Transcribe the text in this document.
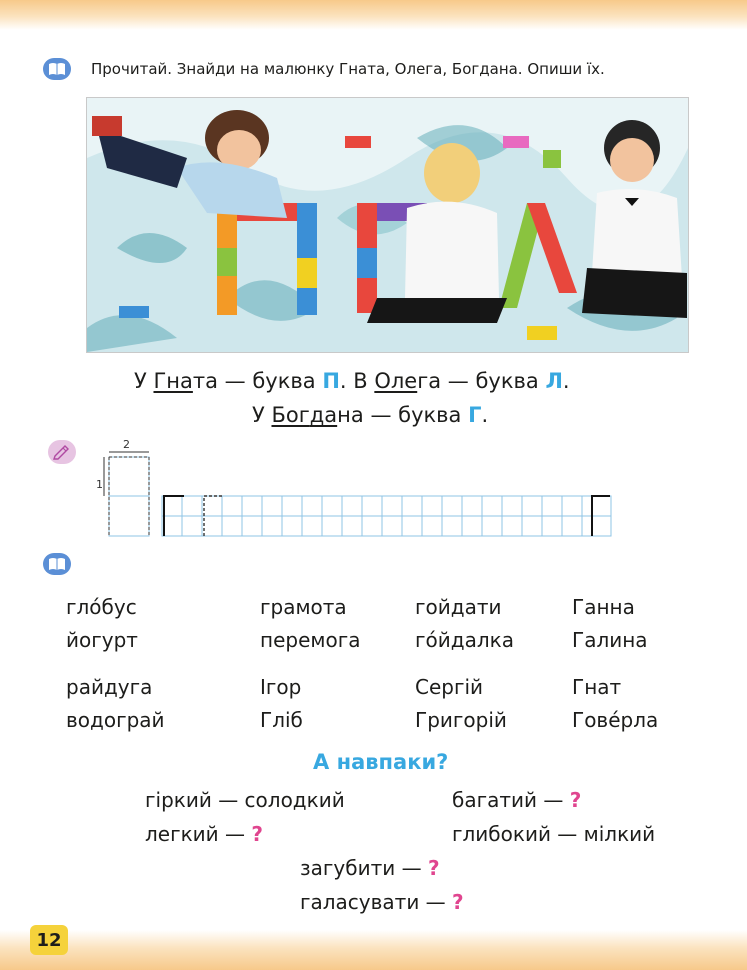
Прочитай. Знайди на малюнку Гната, Олега, Богдана. Опиши їх.
У Гната — буква П. В Олега — буква Л.
У Богдана — буква Г.
2
1
глóбус	грамота	гойдати	Ганна
йогурт	перемога	гóйдалка	Галина
райдуга	Ігор	Сергій	Гнат
водограй	Гліб	Григорій	Говéрла
А навпаки?
гіркий — солодкий	багатий — ?
легкий — ?	глибокий — мілкий
загубити — ?
галасувати — ?
12
